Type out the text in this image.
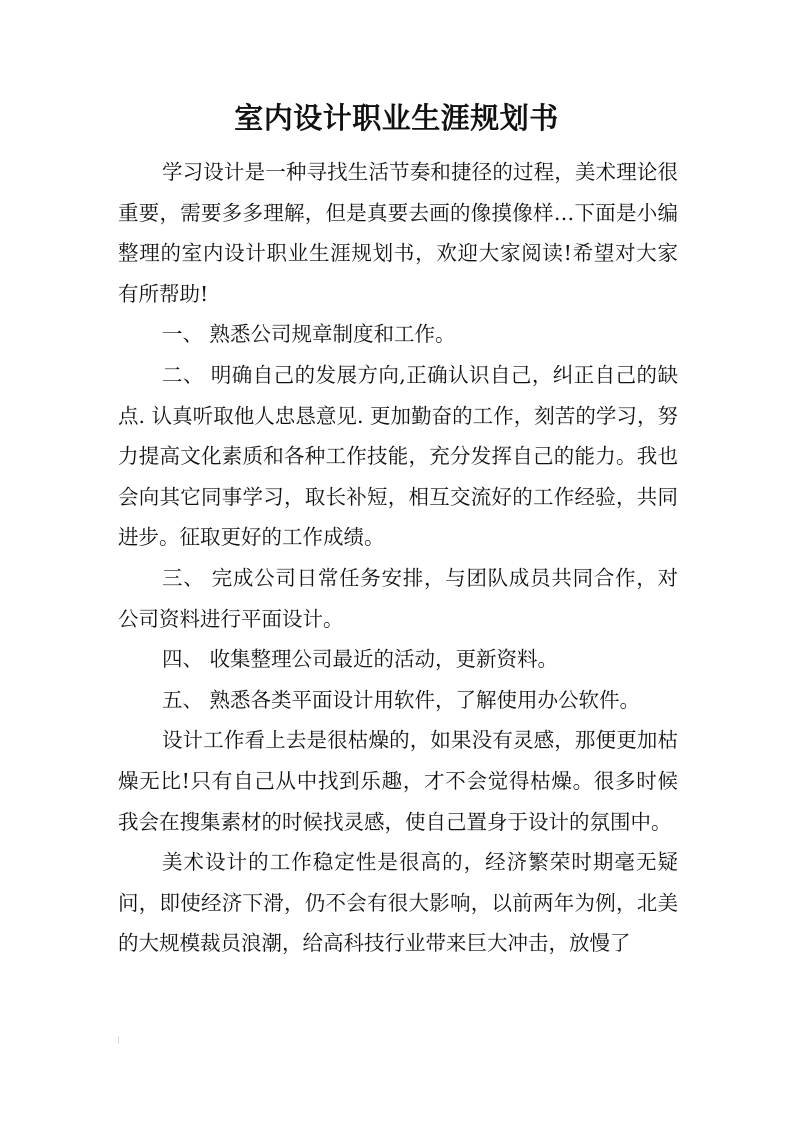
室内设计职业生涯规划书

学习设计是一种寻找生活节奏和捷径的过程，美术理论很重要，需要多多理解，但是真要去画的像摸像样…下面是小编整理的室内设计职业生涯规划书，欢迎大家阅读!希望对大家有所帮助!

一、 熟悉公司规章制度和工作。

二、 明确自己的发展方向,正确认识自己，纠正自己的缺点. 认真听取他人忠恳意见. 更加勤奋的工作，刻苦的学习，努力提高文化素质和各种工作技能，充分发挥自己的能力。我也会向其它同事学习，取长补短，相互交流好的工作经验，共同进步。征取更好的工作成绩。

三、 完成公司日常任务安排，与团队成员共同合作，对公司资料进行平面设计。

四、 收集整理公司最近的活动，更新资料。

五、 熟悉各类平面设计用软件，了解使用办公软件。

设计工作看上去是很枯燥的，如果没有灵感，那便更加枯燥无比!只有自己从中找到乐趣，才不会觉得枯燥。很多时候我会在搜集素材的时候找灵感，使自己置身于设计的氛围中。

美术设计的工作稳定性是很高的，经济繁荣时期毫无疑问，即使经济下滑，仍不会有很大影响，以前两年为例，北美的大规模裁员浪潮，给高科技行业带来巨大冲击，放慢了
